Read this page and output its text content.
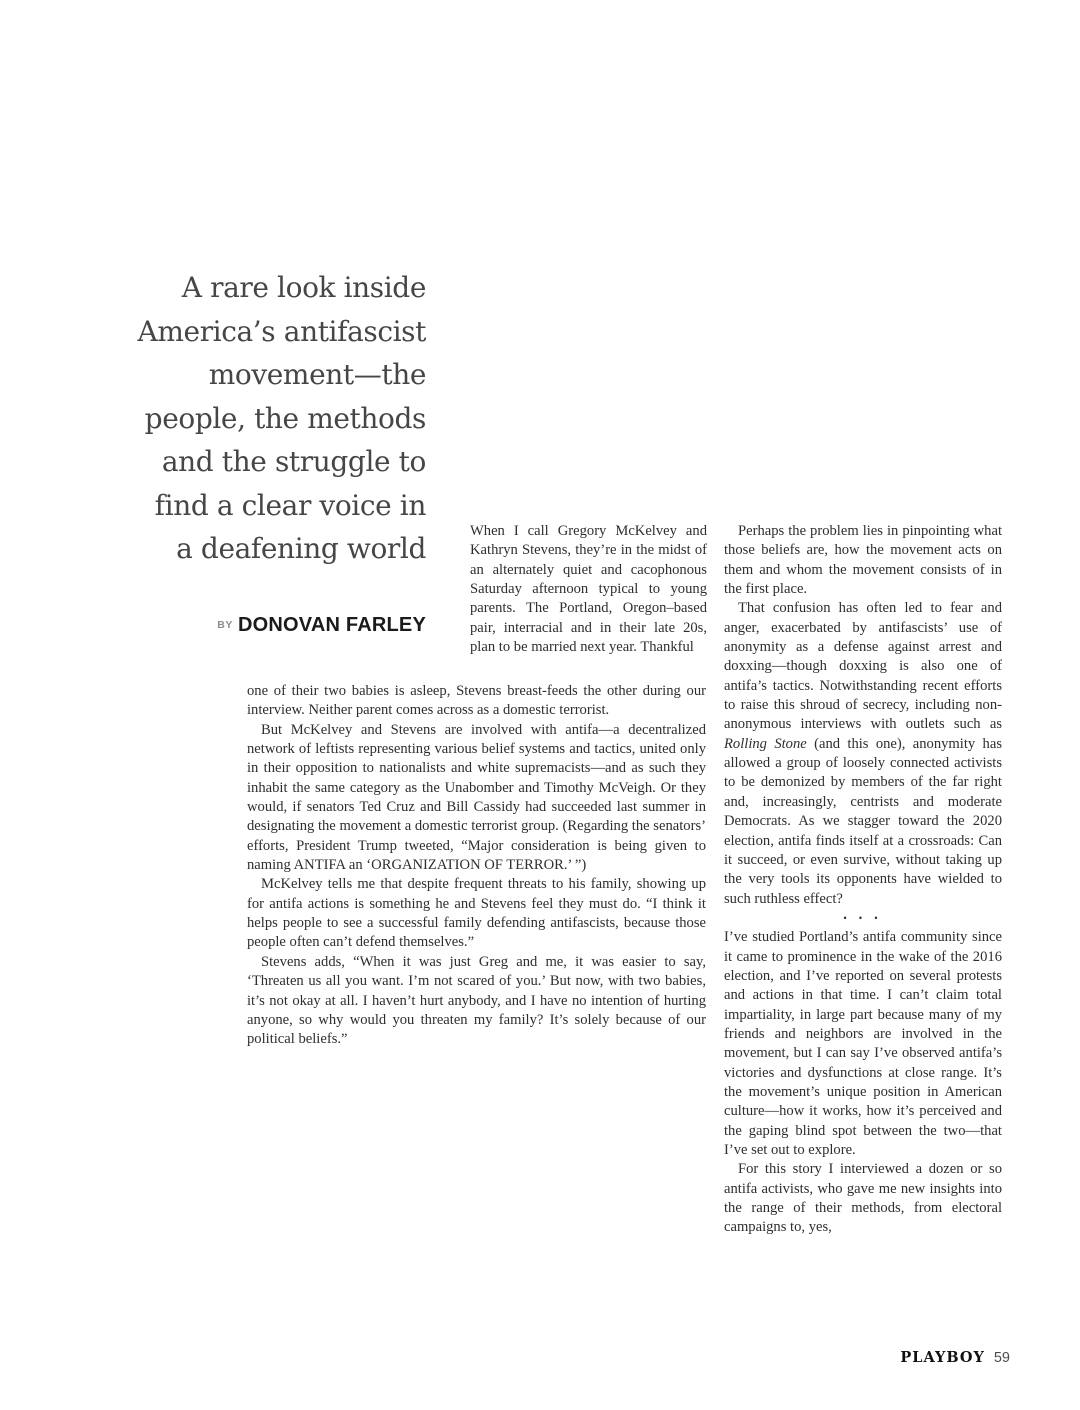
A rare look inside
America’s antifascist
movement—the
people, the methods
and the struggle to
find a clear voice in
a deafening world
BY DONOVAN FARLEY

When I call Gregory McKelvey and Kathryn Stevens, they’re in the midst of an alternately quiet and cacophonous Saturday afternoon typical to young parents. The Portland, Oregon–based pair, interracial and in their late 20s, plan to be married next year. Thankful

one of their two babies is asleep, Stevens breast-feeds the other during our interview. Neither parent comes across as a domestic terrorist.

But McKelvey and Stevens are involved with antifa—a decentralized network of leftists representing various belief systems and tactics, united only in their opposition to nationalists and white supremacists—and as such they inhabit the same category as the Unabomber and Timothy McVeigh. Or they would, if senators Ted Cruz and Bill Cassidy had succeeded last summer in designating the movement a domestic terrorist group. (Regarding the senators’ efforts, President Trump tweeted, “Major consideration is being given to naming ANTIFA an ‘ORGANIZATION OF TERROR.’ ”)

McKelvey tells me that despite frequent threats to his family, showing up for antifa actions is something he and Stevens feel they must do. “I think it helps people to see a successful family defending antifascists, because those people often can’t defend themselves.”

Stevens adds, “When it was just Greg and me, it was easier to say, ‘Threaten us all you want. I’m not scared of you.’ But now, with two babies, it’s not okay at all. I haven’t hurt anybody, and I have no intention of hurting anyone, so why would you threaten my family? It’s solely because of our political beliefs.”

Perhaps the problem lies in pinpointing what those beliefs are, how the movement acts on them and whom the movement consists of in the first place.

That confusion has often led to fear and anger, exacerbated by antifascists’ use of anonymity as a defense against arrest and doxxing—though doxxing is also one of antifa’s tactics. Notwithstanding recent efforts to raise this shroud of secrecy, including non-anonymous interviews with outlets such as Rolling Stone (and this one), anonymity has allowed a group of loosely connected activists to be demonized by members of the far right and, increasingly, centrists and moderate Democrats. As we stagger toward the 2020 election, antifa finds itself at a crossroads: Can it succeed, or even survive, without taking up the very tools its opponents have wielded to such ruthless effect?

• • •

I’ve studied Portland’s antifa community since it came to prominence in the wake of the 2016 election, and I’ve reported on several protests and actions in that time. I can’t claim total impartiality, in large part because many of my friends and neighbors are involved in the movement, but I can say I’ve observed antifa’s victories and dysfunctions at close range. It’s the movement’s unique position in American culture—how it works, how it’s perceived and the gaping blind spot between the two—that I’ve set out to explore.

For this story I interviewed a dozen or so antifa activists, who gave me new insights into the range of their methods, from electoral campaigns to, yes,

PLAYBOY 59
